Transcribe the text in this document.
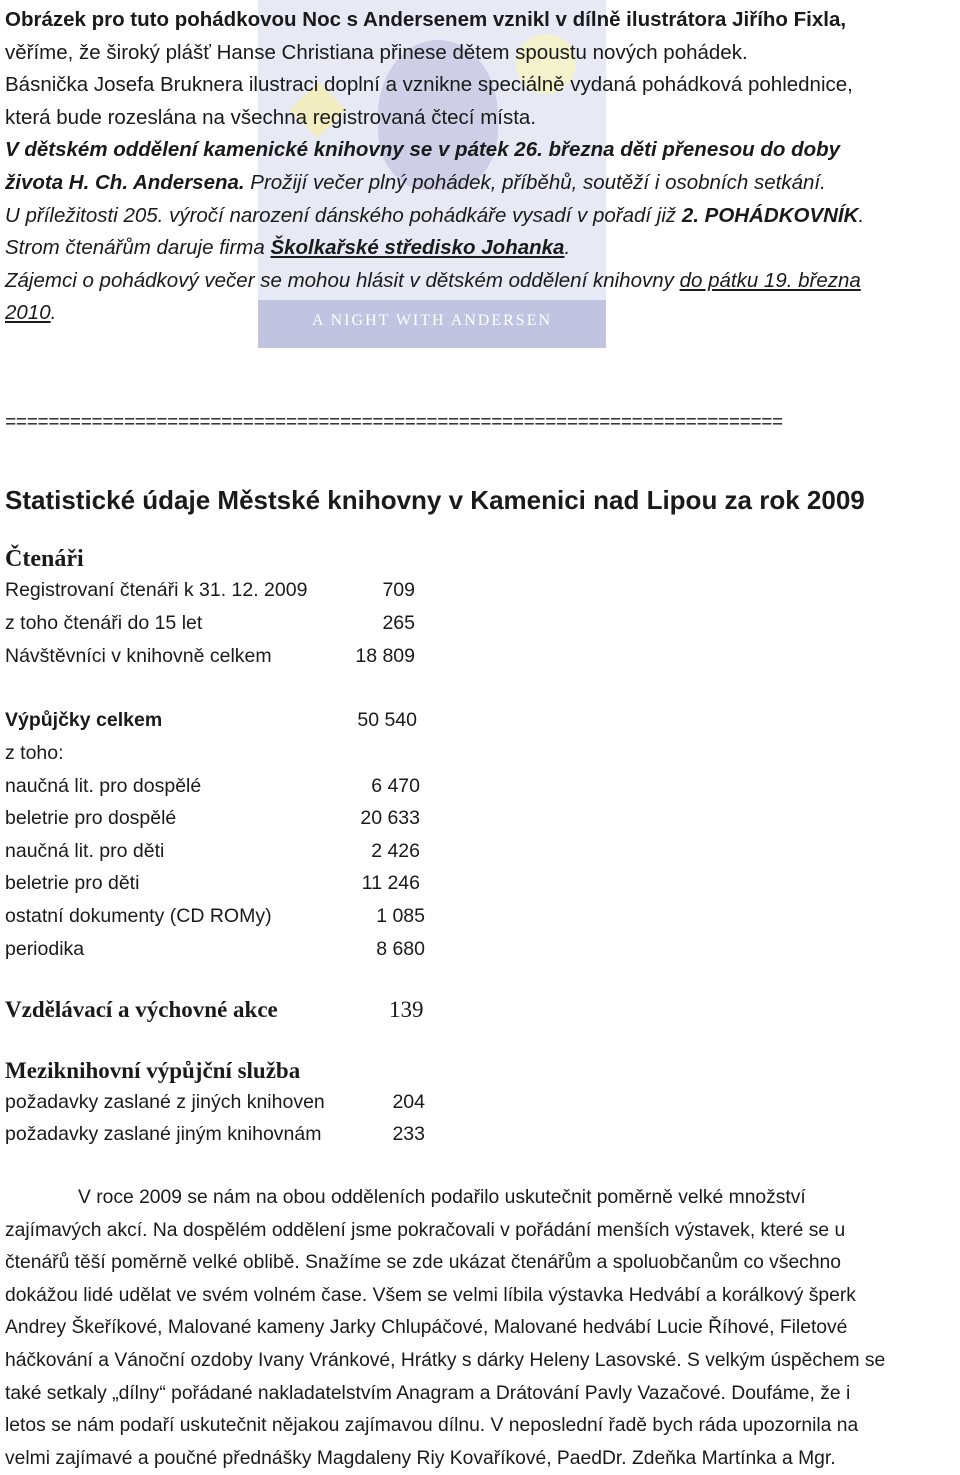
A NIGHT WITH ANDERSEN
Obrázek pro tuto pohádkovou Noc s Andersenem vznikl v dílně ilustrátora Jiřího Fixla,
věříme, že široký plášť Hanse Christiana přinese dětem spoustu nových pohádek.
Básnička Josefa Bruknera ilustraci doplní a vznikne speciálně vydaná pohádková pohlednice,
která bude rozeslána na všechna registrovaná čtecí místa.
V dětském oddělení kamenické knihovny se v pátek 26. března děti přenesou do doby
života H. Ch. Andersena. Prožijí večer plný pohádek, příběhů, soutěží i osobních setkání.
U příležitosti 205. výročí narození dánského pohádkáře vysadí v pořadí již 2. POHÁDKOVNÍK.
Strom čtenářům daruje firma Školkařské středisko Johanka.
Zájemci o pohádkový večer se mohou hlásit v dětském oddělení knihovny do pátku 19. března
2010.
========================================================================
Statistické údaje Městské knihovny v Kamenici nad Lipou za rok 2009
Čtenáři
Registrovaní čtenáři k 31. 12. 2009	709
z toho čtenáři do 15 let	265
Návštěvníci v knihovně celkem	18 809
Výpůjčky celkem	50 540
z toho:
naučná lit. pro dospělé	6 470
beletrie pro dospělé	20 633
naučná lit. pro děti	2 426
beletrie pro děti	11 246
ostatní dokumenty (CD ROMy)	1 085
periodika	8 680
Vzdělávací a výchovné akce	139
Meziknihovní výpůjční služba
požadavky zaslané z jiných knihoven	204
požadavky zaslané jiným knihovnám	233
V roce 2009 se nám na obou odděleních podařilo uskutečnit poměrně velké množství
zajímavých akcí. Na dospělém oddělení jsme pokračovali v pořádání menších výstavek, které se u
čtenářů těší poměrně velké oblibě. Snažíme se zde ukázat čtenářům a spoluobčanům co všechno
dokážou lidé udělat ve svém volném čase. Všem se velmi líbila výstavka Hedvábí a korálkový šperk
Andrey Škeříkové, Malované kameny Jarky Chlupáčové, Malované hedvábí Lucie Říhové, Filetové
háčkování a Vánoční ozdoby Ivany Vránkové, Hrátky s dárky Heleny Lasovské. S velkým úspěchem se
také setkaly „dílny“ pořádané nakladatelstvím Anagram a Drátování Pavly Vazačové. Doufáme, že i
letos se nám podaří uskutečnit nějakou zajímavou dílnu. V neposlední řadě bych ráda upozornila na
velmi zajímavé a poučné přednášky Magdaleny Riy Kovaříkové, PaedDr. Zdeňka Martínka a Mgr.
